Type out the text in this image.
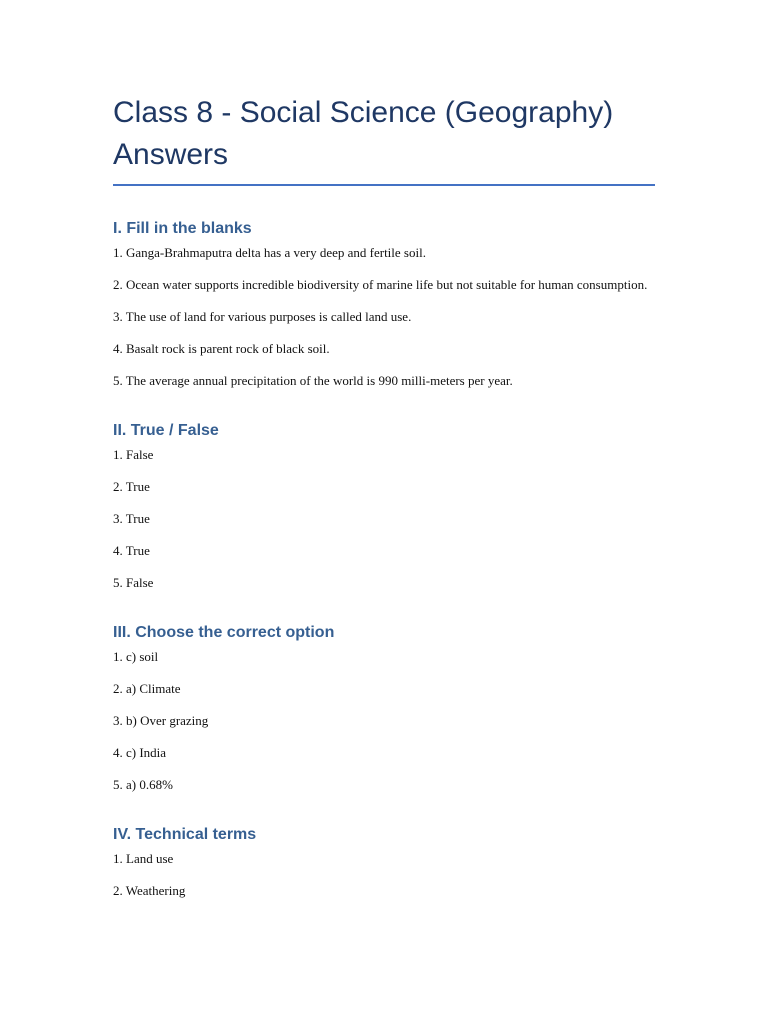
Class 8 - Social Science (Geography) Answers
I. Fill in the blanks
1. Ganga-Brahmaputra delta has a very deep and fertile soil.
2. Ocean water supports incredible biodiversity of marine life but not suitable for human consumption.
3. The use of land for various purposes is called land use.
4. Basalt rock is parent rock of black soil.
5. The average annual precipitation of the world is 990 milli-meters per year.
II. True / False
1. False
2. True
3. True
4. True
5. False
III. Choose the correct option
1. c) soil
2. a) Climate
3. b) Over grazing
4. c) India
5. a) 0.68%
IV. Technical terms
1. Land use
2. Weathering
